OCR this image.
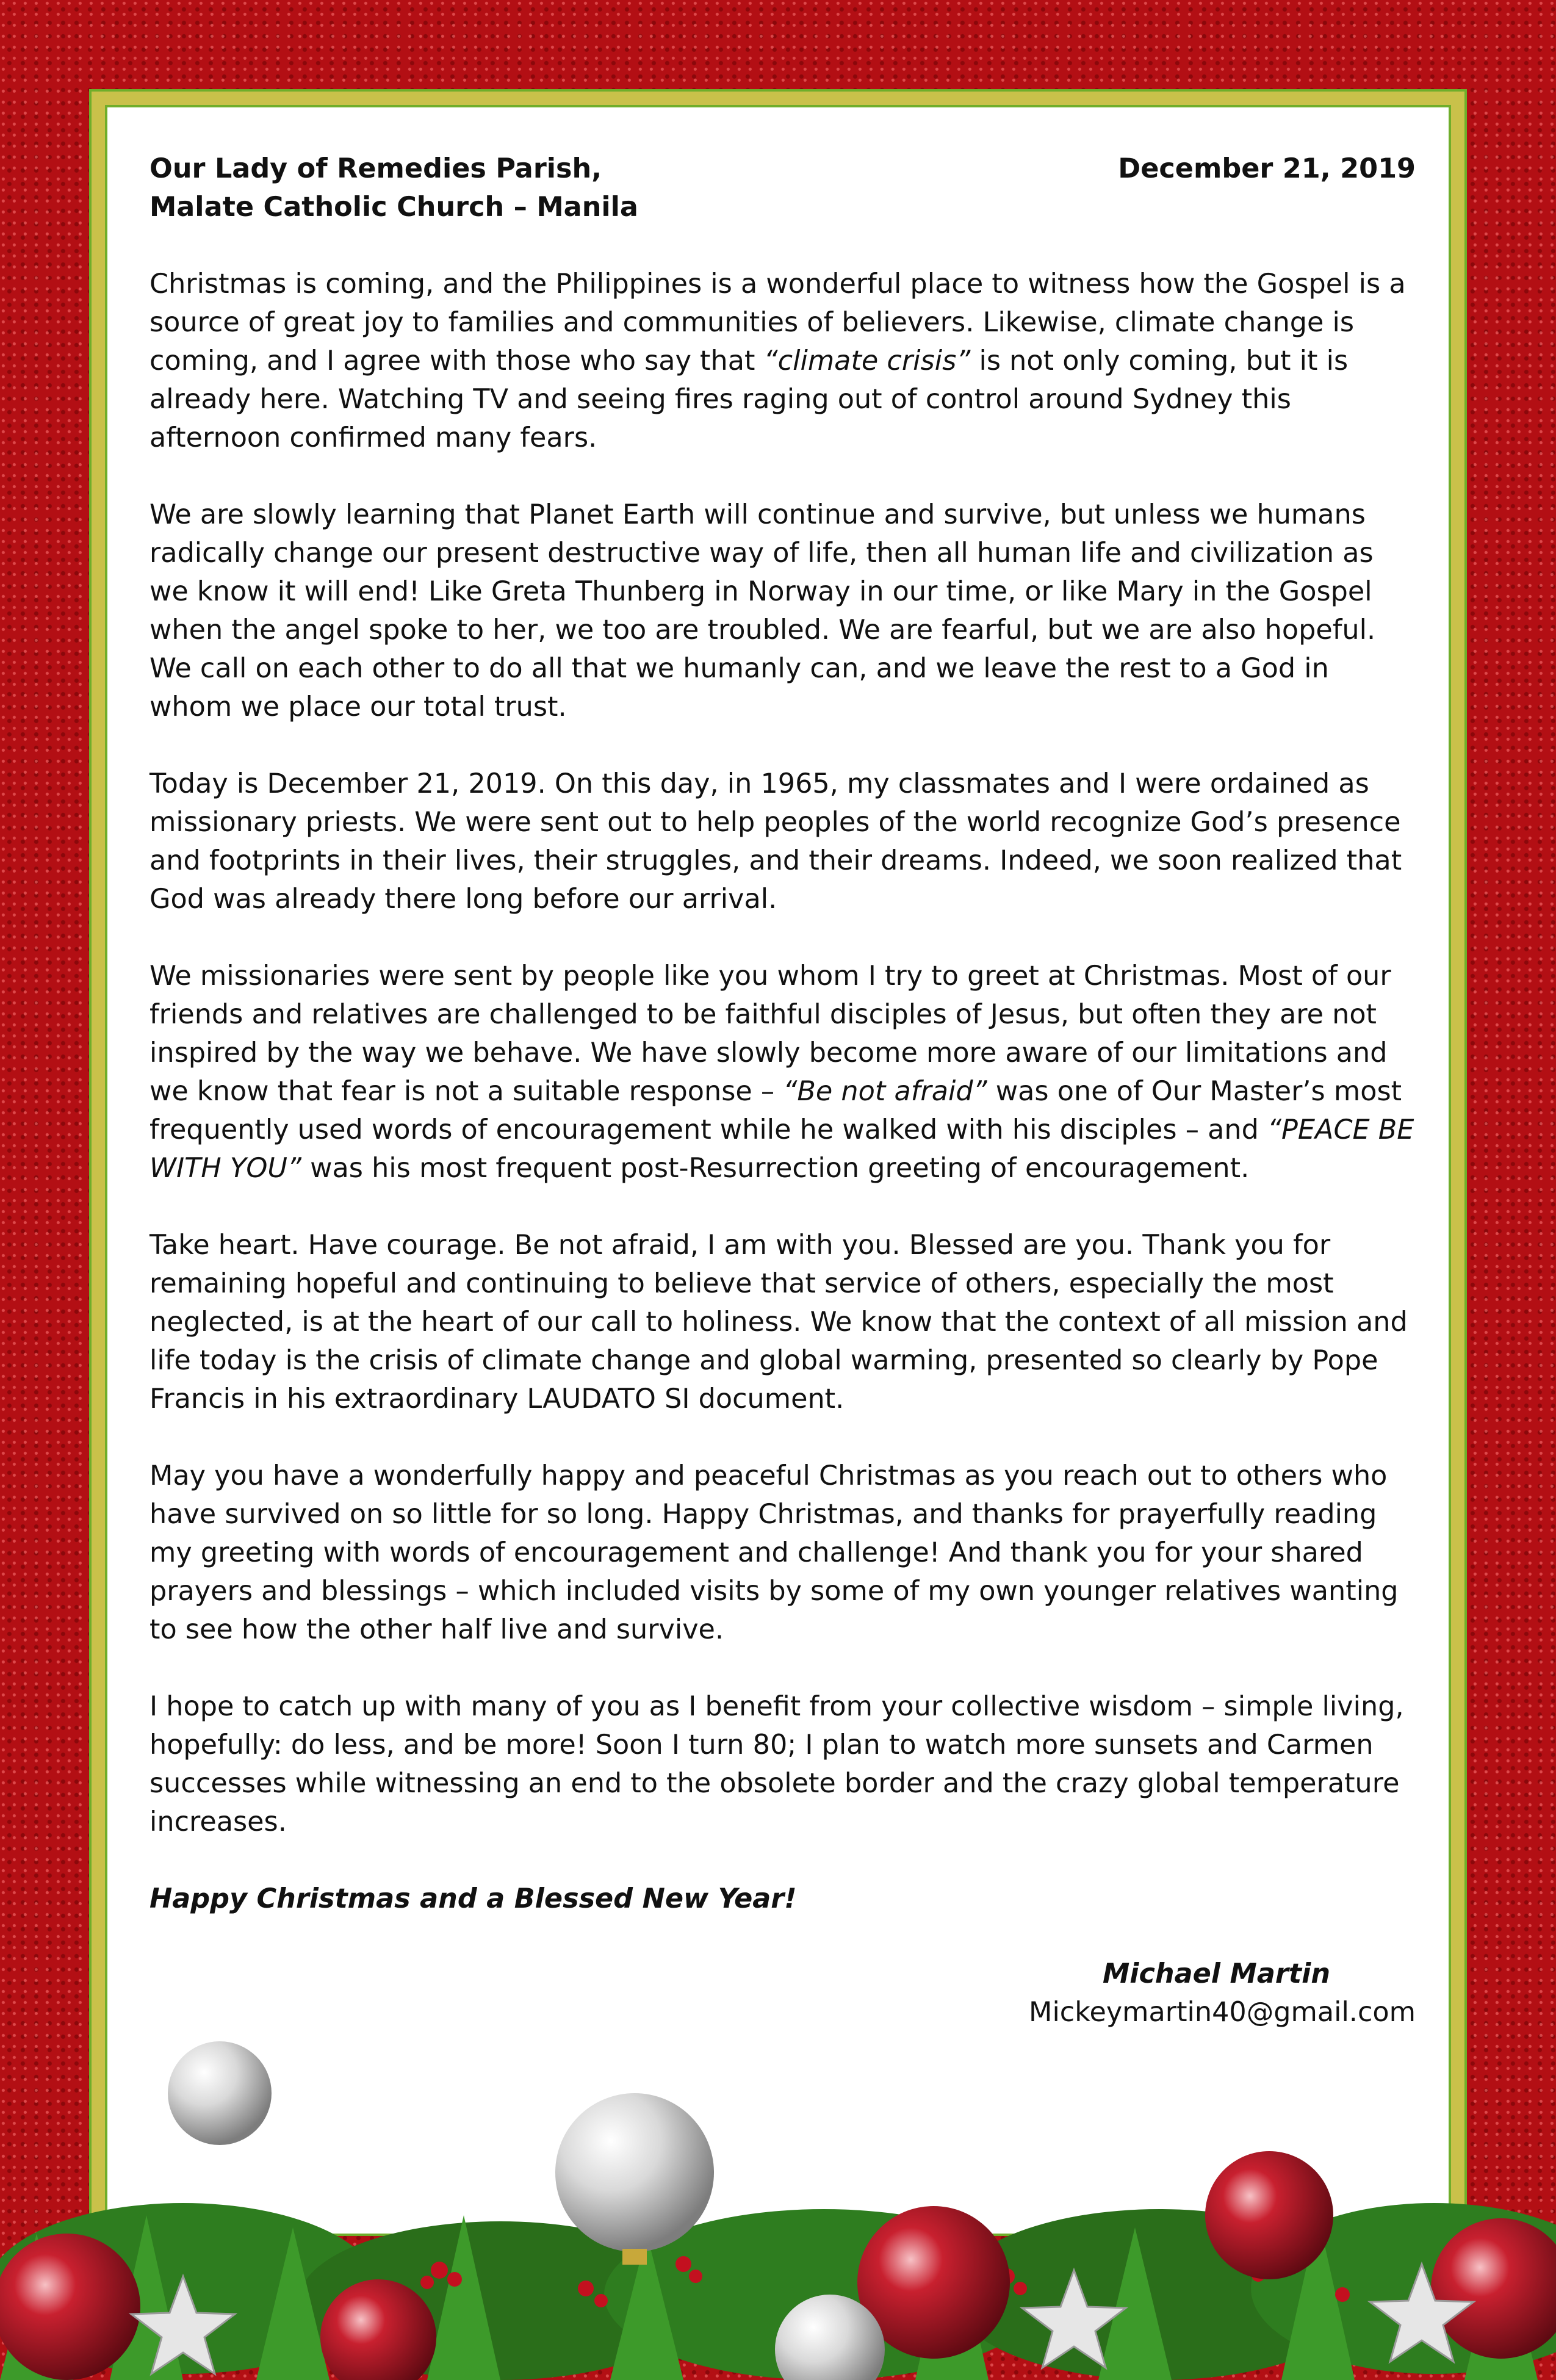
Our Lady of Remedies Parish,
Malate Catholic Church – Manila
December 21, 2019

Christmas is coming, and the Philippines is a wonderful place to witness how the Gospel is a source of great joy to families and communities of believers. Likewise, climate change is coming, and I agree with those who say that “climate crisis” is not only coming, but it is already here. Watching TV and seeing fires raging out of control around Sydney this afternoon confirmed many fears.

We are slowly learning that Planet Earth will continue and survive, but unless we humans radically change our present destructive way of life, then all human life and civilization as we know it will end! Like Greta Thunberg in Norway in our time, or like Mary in the Gospel when the angel spoke to her, we too are troubled. We are fearful, but we are also hopeful. We call on each other to do all that we humanly can, and we leave the rest to a God in whom we place our total trust.

Today is December 21, 2019. On this day, in 1965, my classmates and I were ordained as missionary priests. We were sent out to help peoples of the world recognize God’s presence and footprints in their lives, their struggles, and their dreams. Indeed, we soon realized that God was already there long before our arrival.

We missionaries were sent by people like you whom I try to greet at Christmas. Most of our friends and relatives are challenged to be faithful disciples of Jesus, but often they are not inspired by the way we behave. We have slowly become more aware of our limitations and we know that fear is not a suitable response – “Be not afraid” was one of Our Master’s most frequently used words of encouragement while he walked with his disciples – and “PEACE BE WITH YOU” was his most frequent post-Resurrection greeting of encouragement.

Take heart. Have courage. Be not afraid, I am with you. Blessed are you. Thank you for remaining hopeful and continuing to believe that service of others, especially the most neglected, is at the heart of our call to holiness. We know that the context of all mission and life today is the crisis of climate change and global warming, presented so clearly by Pope Francis in his extraordinary LAUDATO SI document.

May you have a wonderfully happy and peaceful Christmas as you reach out to others who have survived on so little for so long. Happy Christmas, and thanks for prayerfully reading my greeting with words of encouragement and challenge! And thank you for your shared prayers and blessings – which included visits by some of my own younger relatives wanting to see how the other half live and survive.

I hope to catch up with many of you as I benefit from your collective wisdom – simple living, hopefully: do less, and be more! Soon I turn 80; I plan to watch more sunsets and Carmen successes while witnessing an end to the obsolete border and the crazy global temperature increases.

Happy Christmas and a Blessed New Year!
Michael Martin
Mickeymartin40@gmail.com
